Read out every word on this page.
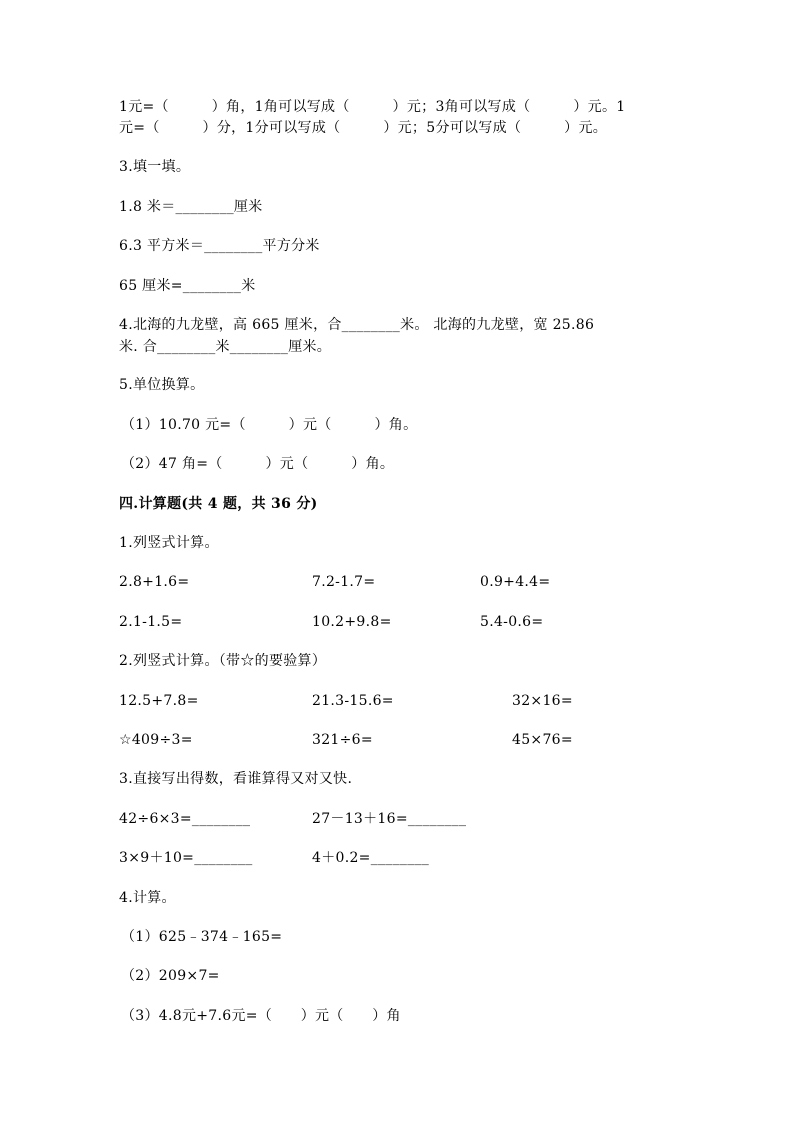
1元=（　　　）角，1角可以写成（　　　）元；3角可以写成（　　　）元。1
元=（　　　）分，1分可以写成（　　　）元；5分可以写成（　　　）元。
3.填一填。
1.8 米＝________厘米
6.3 平方米＝________平方分米
65 厘米=________米
4.北海的九龙壁，高 665 厘米，合________米。 北海的九龙壁，宽 25.86
米. 合________米________厘米。
5.单位换算。
（1）10.70 元=（　　　）元（　　　）角。
（2）47 角=（　　　）元（　　　）角。
四.计算题(共 4 题，共 36 分)
1.列竖式计算。
2.8+1.6=	7.2-1.7=	0.9+4.4=
2.1-1.5=	10.2+9.8=	5.4-0.6=
2.列竖式计算。（带☆的要验算）
12.5+7.8=	21.3-15.6=	32×16=
☆409÷3=	321÷6=	45×76=
3.直接写出得数，看谁算得又对又快.
42÷6×3=________	27－13＋16=________
3×9＋10=________	4＋0.2=________
4.计算。
（1）625﹣374﹣165=
（2）209×7=
（3）4.8元+7.6元=（　　）元（　　）角
